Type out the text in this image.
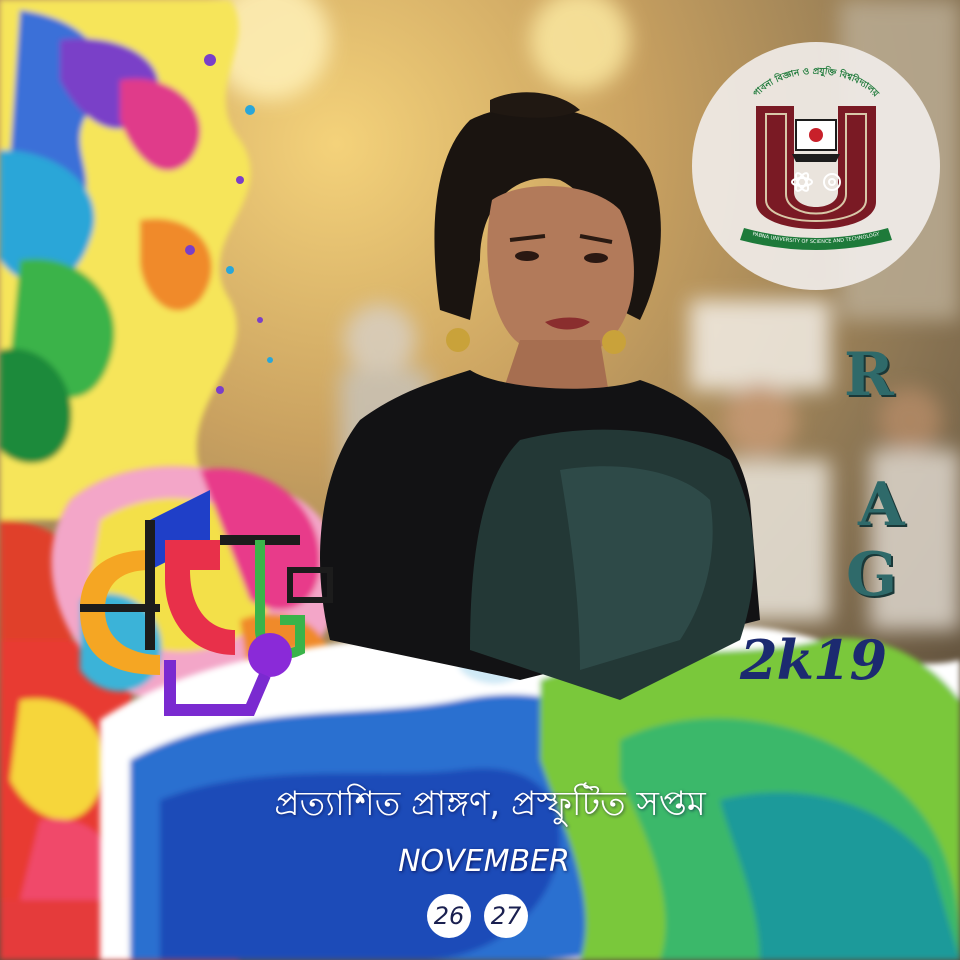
পাবনা বিজ্ঞান ও প্রযুক্তি বিশ্ববিদ্যালয়
PABNA UNIVERSITY OF SCIENCE AND TECHNOLOGY
R
A
G
2k19
প্রত্যাশিত প্রাঙ্গণ, প্রস্ফুটিত সপ্তম
NOVEMBER
26 27
